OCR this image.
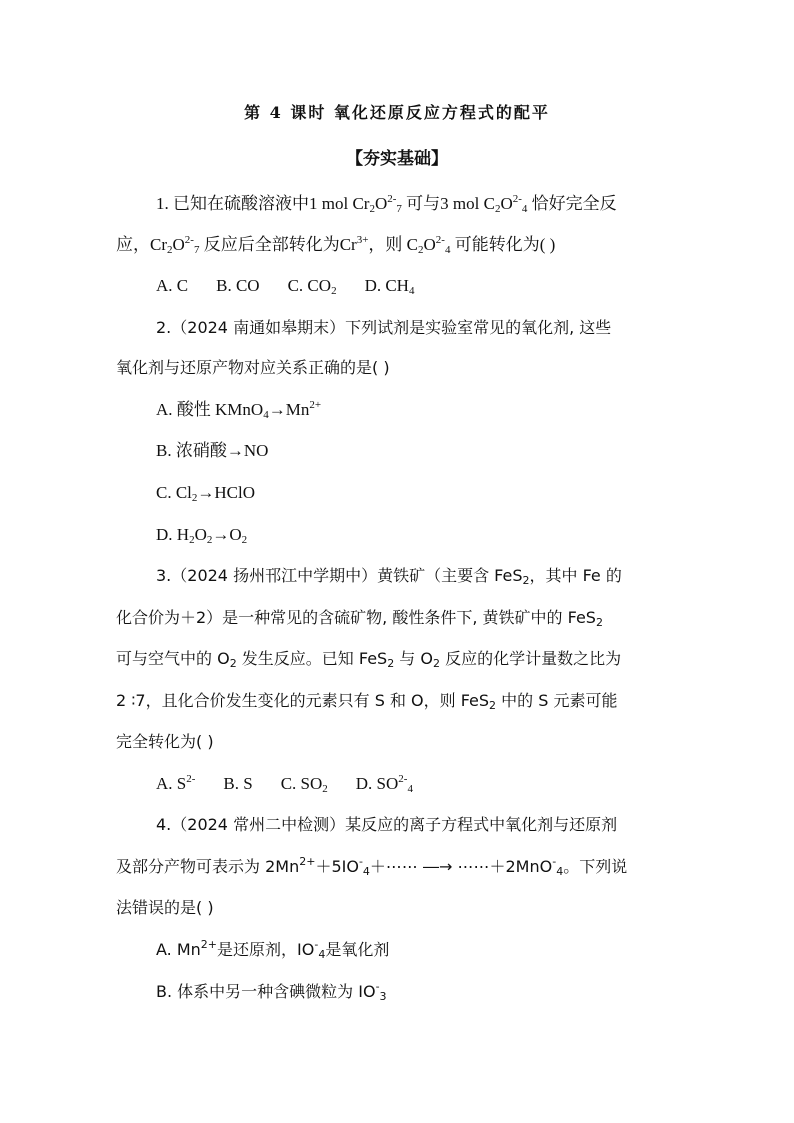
第 4 课时 氧化还原反应方程式的配平
【夯实基础】
1. 已知在硫酸溶液中1 mol $Cr_2O^{2-}_7$ 可与3 mol $C_2O^{2-}_4$ 恰好完全反
应，$Cr_2O^{2-}_7$ 反应后全部转化为$Cr^{3+}$，则 $C_2O^{2-}_4$ 可能转化为( )
A. C B. CO C. $CO_2$ D. $CH_4$
2.（2024 南通如皋期末）下列试剂是实验室常见的氧化剂, 这些
氧化剂与还原产物对应关系正确的是( )
A. 酸性 $KMnO_4\to Mn^{2+}$
B. 浓硝酸→NO
C. $Cl_2\to HClO$
D. $H_2O_2\to O_2$
3.（2024 扬州邗江中学期中）黄铁矿（主要含 FeS$_2$，其中 Fe 的
化合价为＋2）是一种常见的含硫矿物, 酸性条件下, 黄铁矿中的 FeS$_2$
可与空气中的 $O_2$ 发生反应。已知 FeS$_2$ 与 $O_2$ 反应的化学计量数之比为
2 ∶7，且化合价发生变化的元素只有 S 和 O，则 FeS$_2$ 中的 S 元素可能
完全转化为( )
A. $S^{2-}$ B. S C. $SO_2$ D. $SO^{2-}_4$
4.（2024 常州二中检测）某反应的离子方程式中氧化剂与还原剂
及部分产物可表示为 $2Mn^{2+}+5IO^-_4+\cdots\cdots$ ―→ ⋯⋯＋2MnO-$_4$。下列说
法错误的是( )
A. $Mn^{2+}$是还原剂，$IO^-_4$是氧化剂
B. 体系中另一种含碘微粒为 $IO^-_3$
